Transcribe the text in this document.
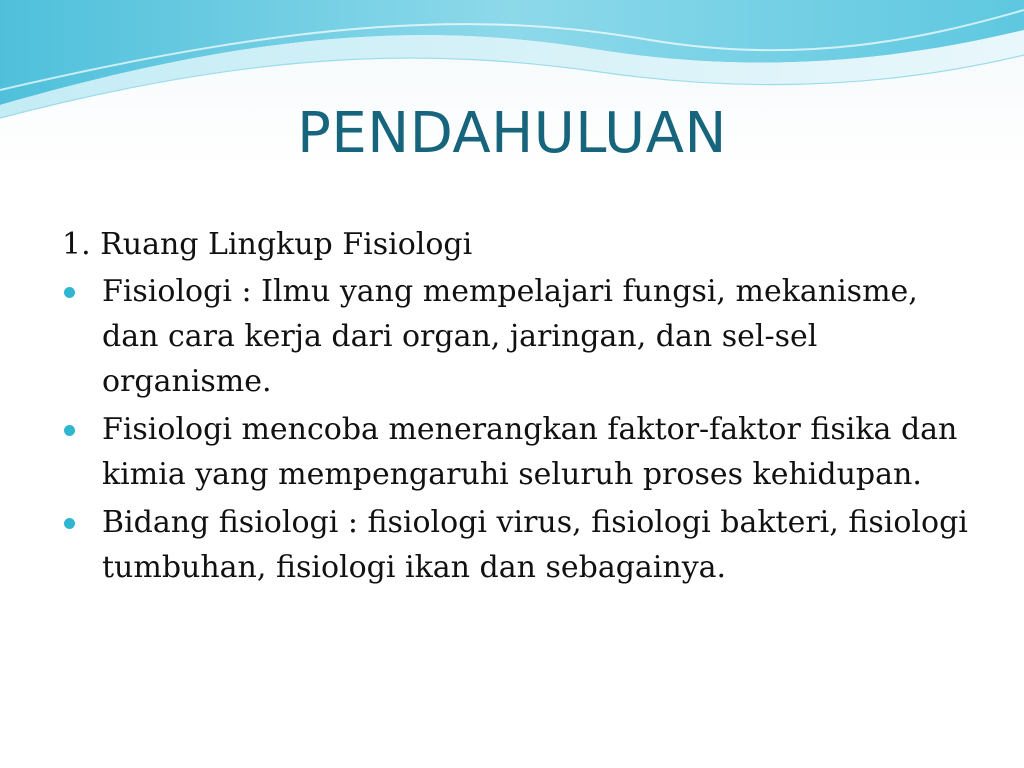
PENDAHULUAN
1. Ruang Lingkup Fisiologi
Fisiologi : Ilmu yang mempelajari fungsi, mekanisme, dan cara kerja dari organ, jaringan, dan sel-sel organisme.
Fisiologi mencoba menerangkan faktor-faktor fisika dan kimia yang mempengaruhi seluruh proses kehidupan.
Bidang fisiologi : fisiologi virus, fisiologi bakteri, fisiologi tumbuhan, fisiologi ikan dan sebagainya.
